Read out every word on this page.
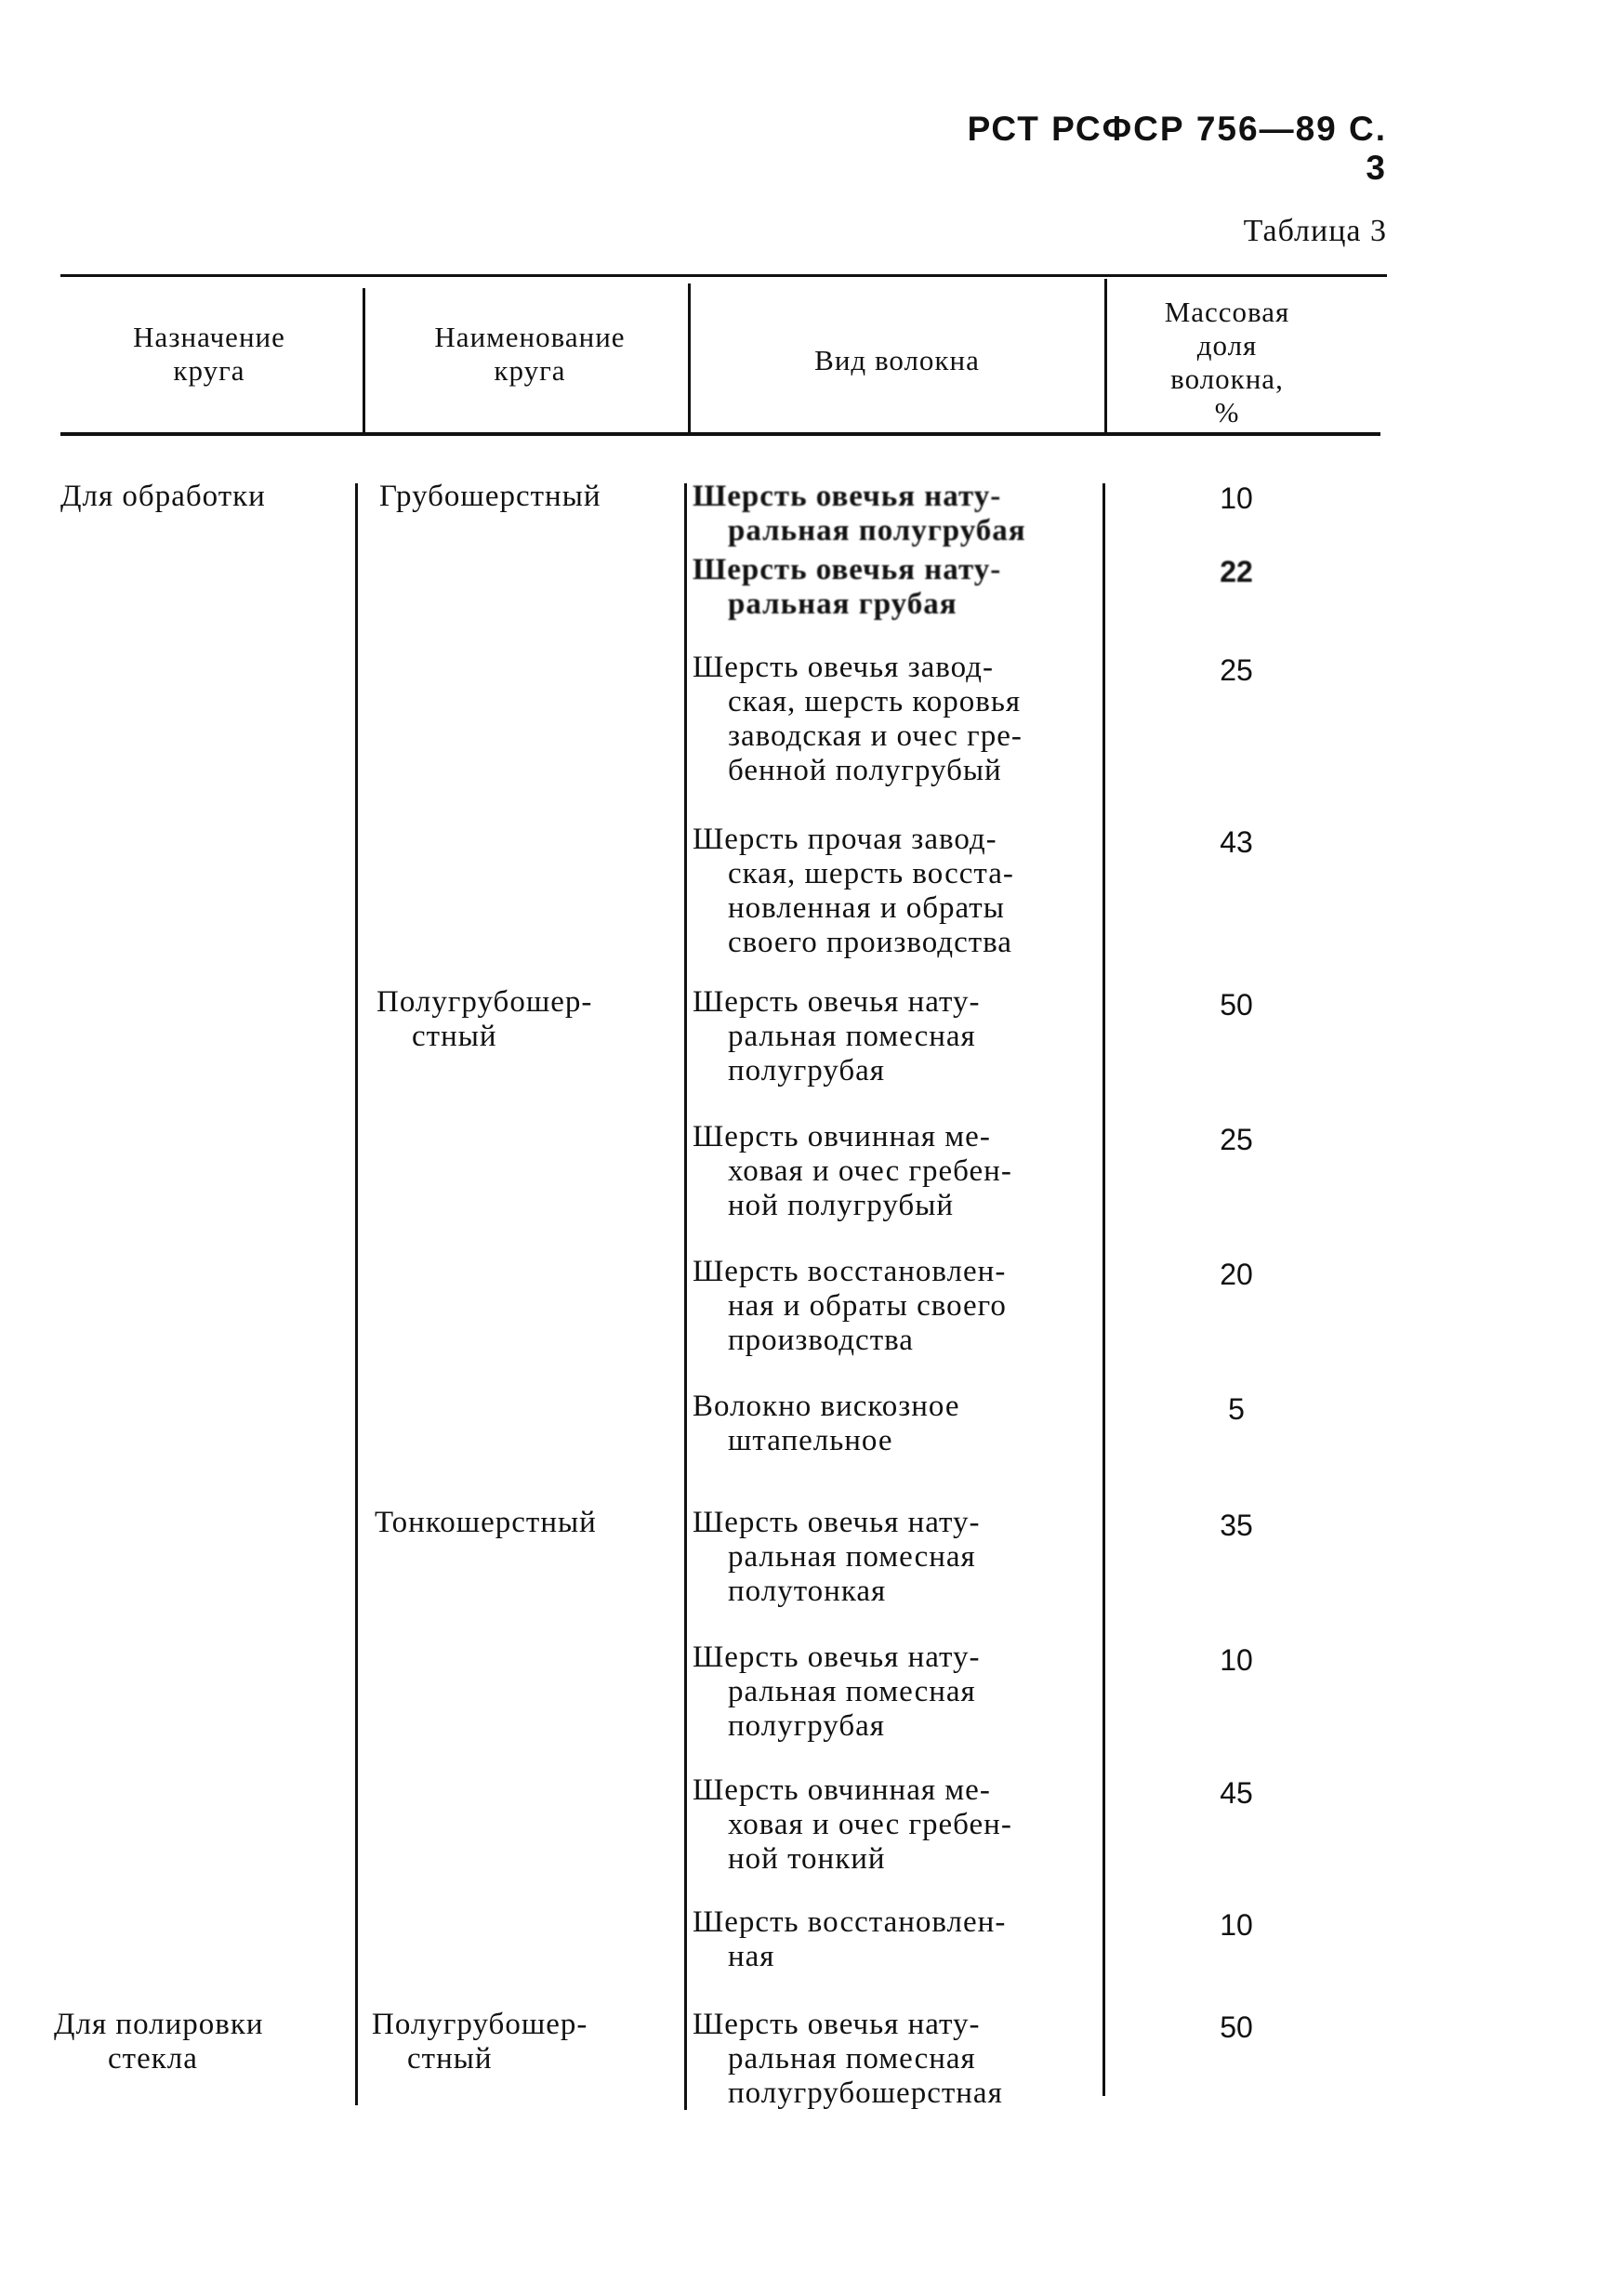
РСТ РСФСР 756—89 С. 3
Таблица 3
Назначение
круга
Наименование
круга	Вид волокна
Массовая
доля
волокна,
%
Для обработки
Для полировки
стекла
Грубошерстный
Полугрубошер-
стный
Тонкошерстный
Полугрубошер-
стный
Шерсть овечья нату-
ральная полугрубая
Шерсть овечья нату-
ральная грубая
Шерсть овечья завод-
ская, шерсть коровья
заводская и очес гре-
бенной полугрубый
Шерсть прочая завод-
ская, шерсть восста-
новленная и обраты
своего производства
Шерсть овечья нату-
ральная помесная
полугрубая
Шерсть овчинная ме-
ховая и очес гребен-
ной полугрубый
Шерсть восстановлен-
ная и обраты своего
производства
Волокно вискозное
штапельное
Шерсть овечья нату-
ральная помесная
полутонкая
Шерсть овечья нату-
ральная помесная
полугрубая
Шерсть овчинная ме-
ховая и очес гребен-
ной тонкий
Шерсть восстановлен-
ная
Шерсть овечья нату-
ральная помесная
полугрубошерстная
10
22
25
43
50
25
20
5
35
10
45
10
50
